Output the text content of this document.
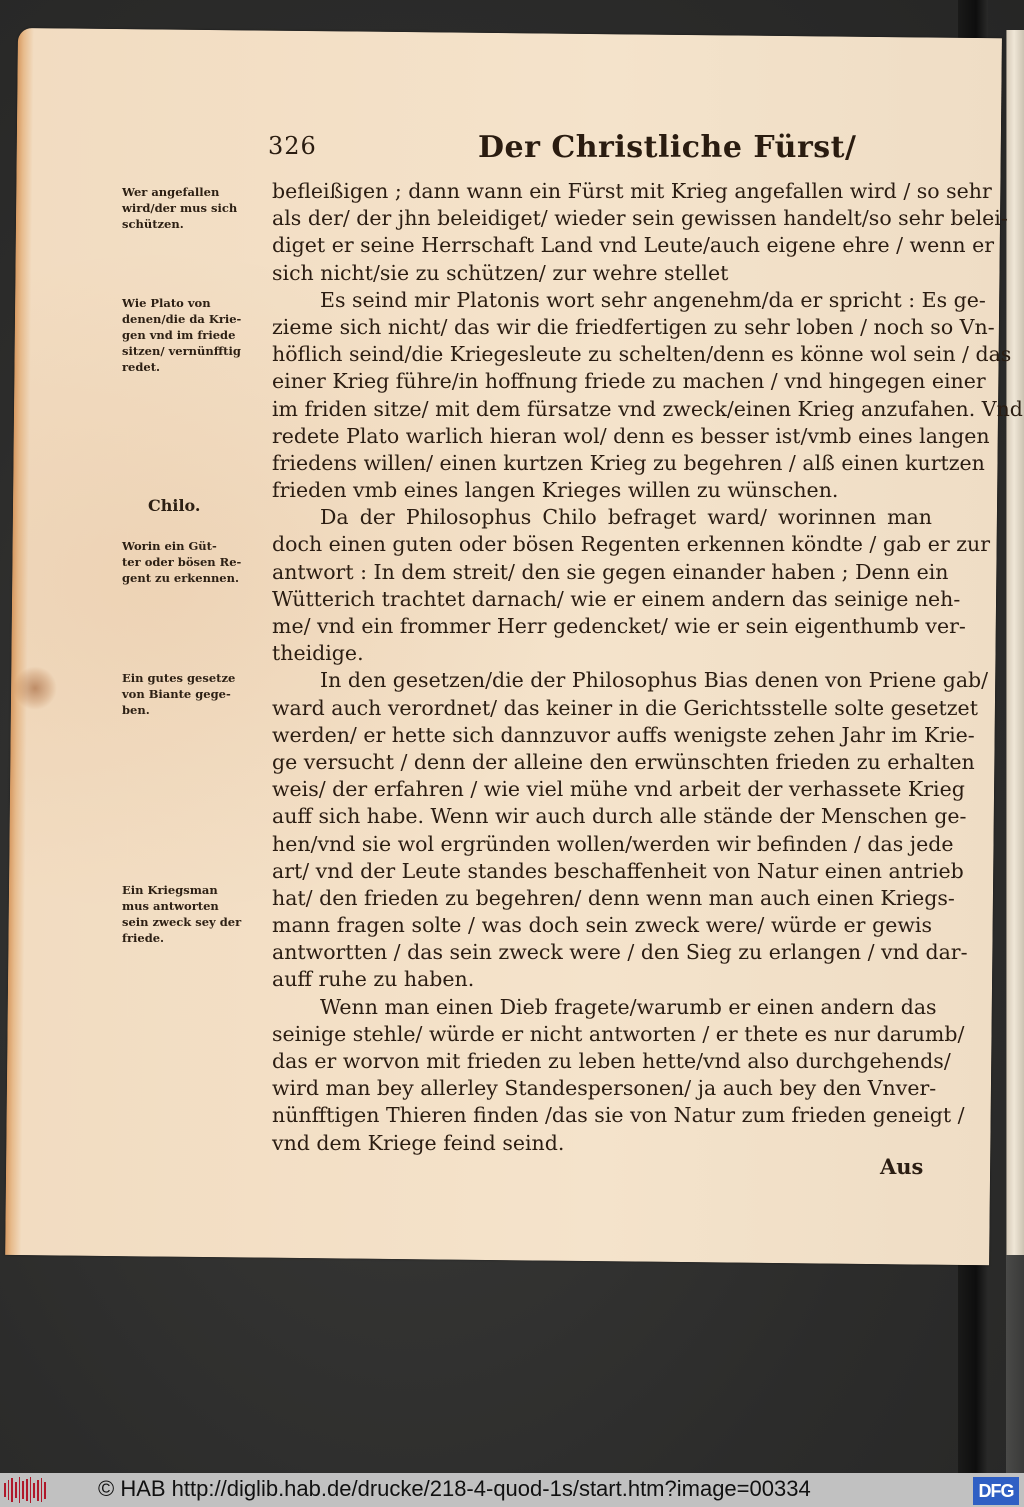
326	Der Christliche Fürst/
befleißigen ; dann wann ein Fürst mit Krieg angefallen wird / so sehr
als der/ der jhn beleidiget/ wieder sein gewissen handelt/so sehr belei-
diget er seine Herrschaft Land vnd Leute/auch eigene ehre / wenn er
sich nicht/sie zu schützen/ zur wehre stellet
Es seind mir Platonis wort sehr angenehm/da er spricht : Es ge-
zieme sich nicht/ das wir die friedfertigen zu sehr loben / noch so Vn-
höflich seind/die Kriegesleute zu schelten/denn es könne wol sein / das
einer Krieg führe/in hoffnung friede zu machen / vnd hingegen einer
im friden sitze/ mit dem fürsatze vnd zweck/einen Krieg anzufahen. Vnd
redete Plato warlich hieran wol/ denn es besser ist/vmb eines langen
friedens willen/ einen kurtzen Krieg zu begehren / alß einen kurtzen
frieden vmb eines langen Krieges willen zu wünschen.
Da der Philosophus Chilo befraget ward/ worinnen man
doch einen guten oder bösen Regenten erkennen köndte / gab er zur
antwort : In dem streit/ den sie gegen einander haben ; Denn ein
Wütterich trachtet darnach/ wie er einem andern das seinige neh-
me/ vnd ein frommer Herr gedencket/ wie er sein eigenthumb ver-
theidige.
In den gesetzen/die der Philosophus Bias denen von Priene gab/
ward auch verordnet/ das keiner in die Gerichtsstelle solte gesetzet
werden/ er hette sich dannzuvor auffs wenigste zehen Jahr im Krie-
ge versucht / denn der alleine den erwünschten frieden zu erhalten
weis/ der erfahren / wie viel mühe vnd arbeit der verhassete Krieg
auff sich habe. Wenn wir auch durch alle stände der Menschen ge-
hen/vnd sie wol ergründen wollen/werden wir befinden / das jede
art/ vnd der Leute standes beschaffenheit von Natur einen antrieb
hat/ den frieden zu begehren/ denn wenn man auch einen Kriegs-
mann fragen solte / was doch sein zweck were/ würde er gewis
antwortten / das sein zweck were / den Sieg zu erlangen / vnd dar-
auff ruhe zu haben.
Wenn man einen Dieb fragete/warumb er einen andern das
seinige stehle/ würde er nicht antworten / er thete es nur darumb/
das er worvon mit frieden zu leben hette/vnd also durchgehends/
wird man bey allerley Standespersonen/ ja auch bey den Vnver-
nünfftigen Thieren finden /das sie von Natur zum frieden geneigt /
vnd dem Kriege feind seind.
Wer angefallen
wird/der mus sich
schützen.
Wie Plato von
denen/die da Krie-
gen vnd im friede
sitzen/ vernünfftig
redet.
Chilo.
Worin ein Güt-
ter oder bösen Re-
gent zu erkennen.
Ein gutes gesetze
von Biante gege-
ben.
Ein Kriegsman
mus antworten
sein zweck sey der
friede.
Aus
© HAB http://diglib.hab.de/drucke/218-4-quod-1s/start.htm?image=00334	DFG
